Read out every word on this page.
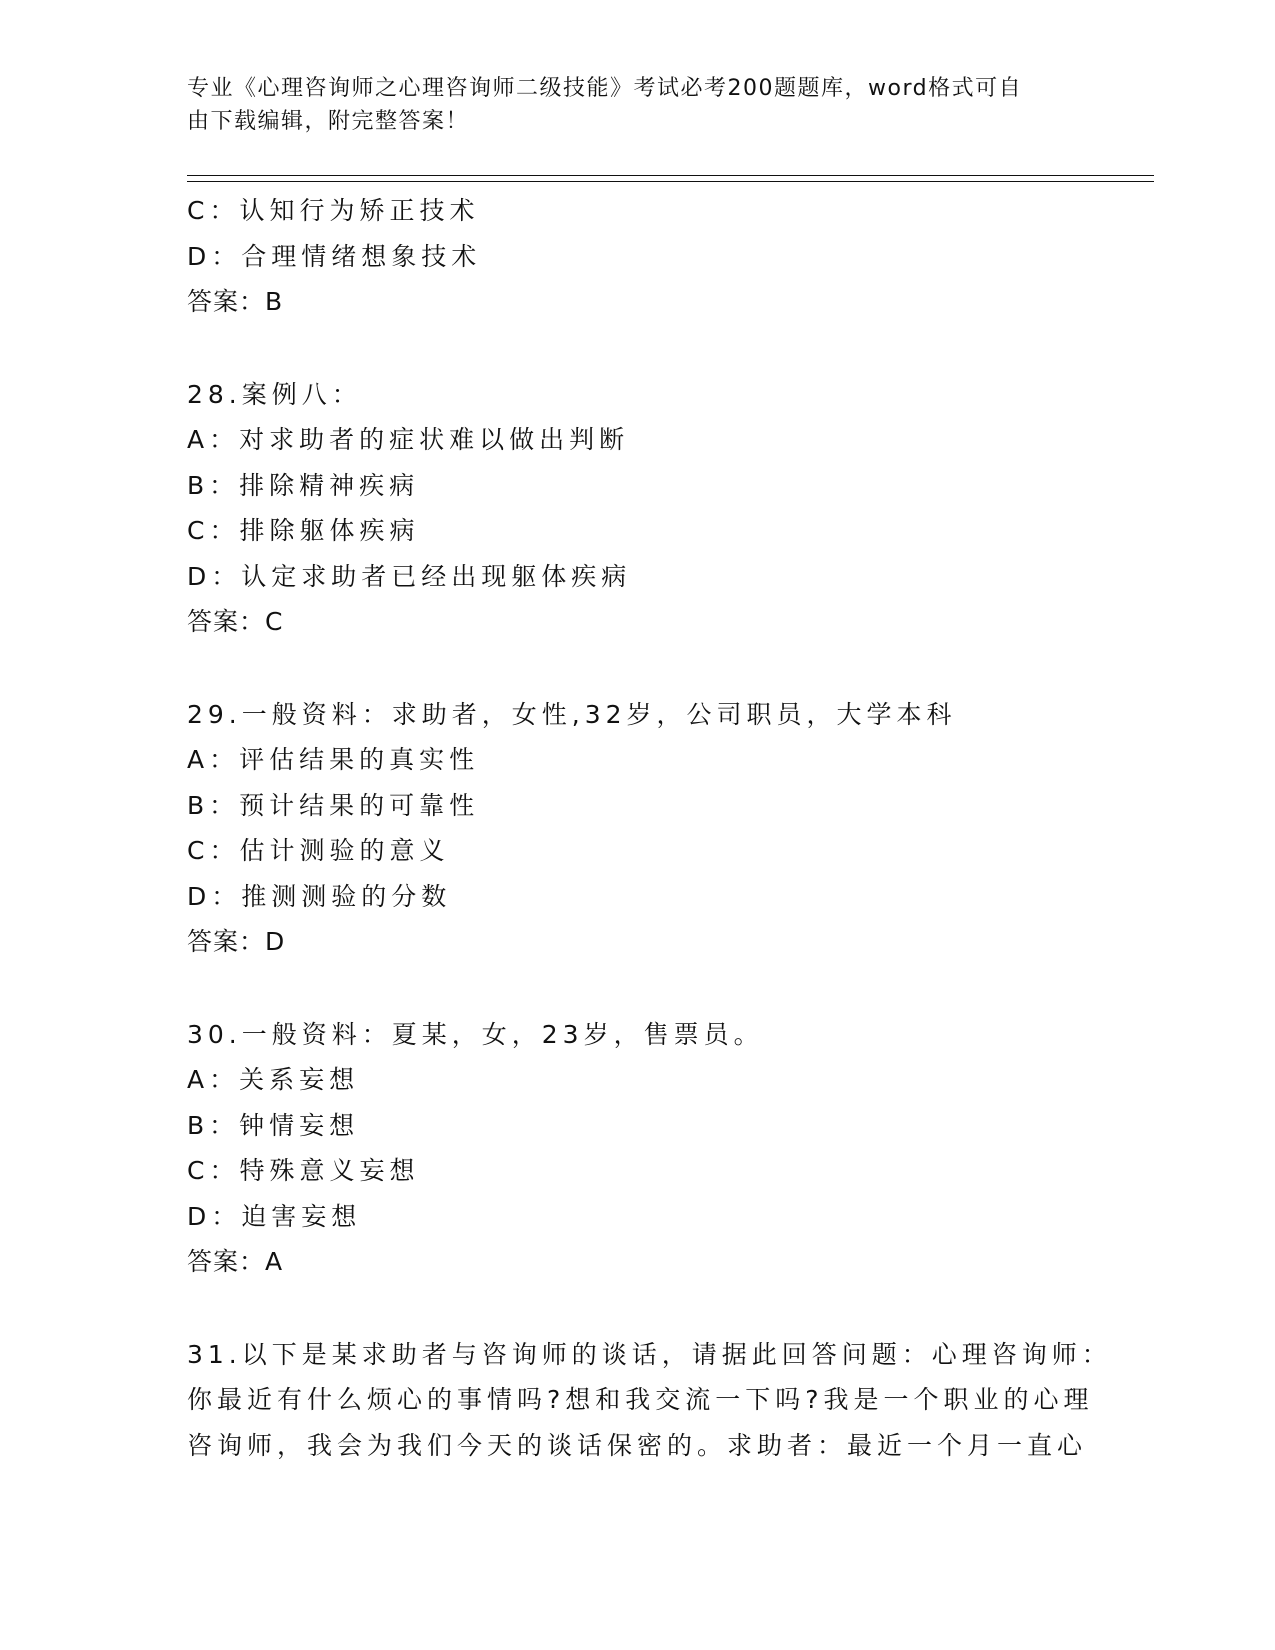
专业《心理咨询师之心理咨询师二级技能》考试必考200题题库，word格式可自
由下载编辑，附完整答案！
C：认知行为矫正技术
D：合理情绪想象技术
答案：B
28.案例八：
A：对求助者的症状难以做出判断
B：排除精神疾病
C：排除躯体疾病
D：认定求助者已经出现躯体疾病
答案：C
29.一般资料：求助者，女性,32岁，公司职员，大学本科
A：评估结果的真实性
B：预计结果的可靠性
C：估计测验的意义
D：推测测验的分数
答案：D
30.一般资料：夏某，女，23岁，售票员。
A：关系妄想
B：钟情妄想
C：特殊意义妄想
D：迫害妄想
答案：A
31.以下是某求助者与咨询师的谈话，请据此回答问题：心理咨询师：
你最近有什么烦心的事情吗?想和我交流一下吗?我是一个职业的心理
咨询师，我会为我们今天的谈话保密的。求助者：最近一个月一直心
